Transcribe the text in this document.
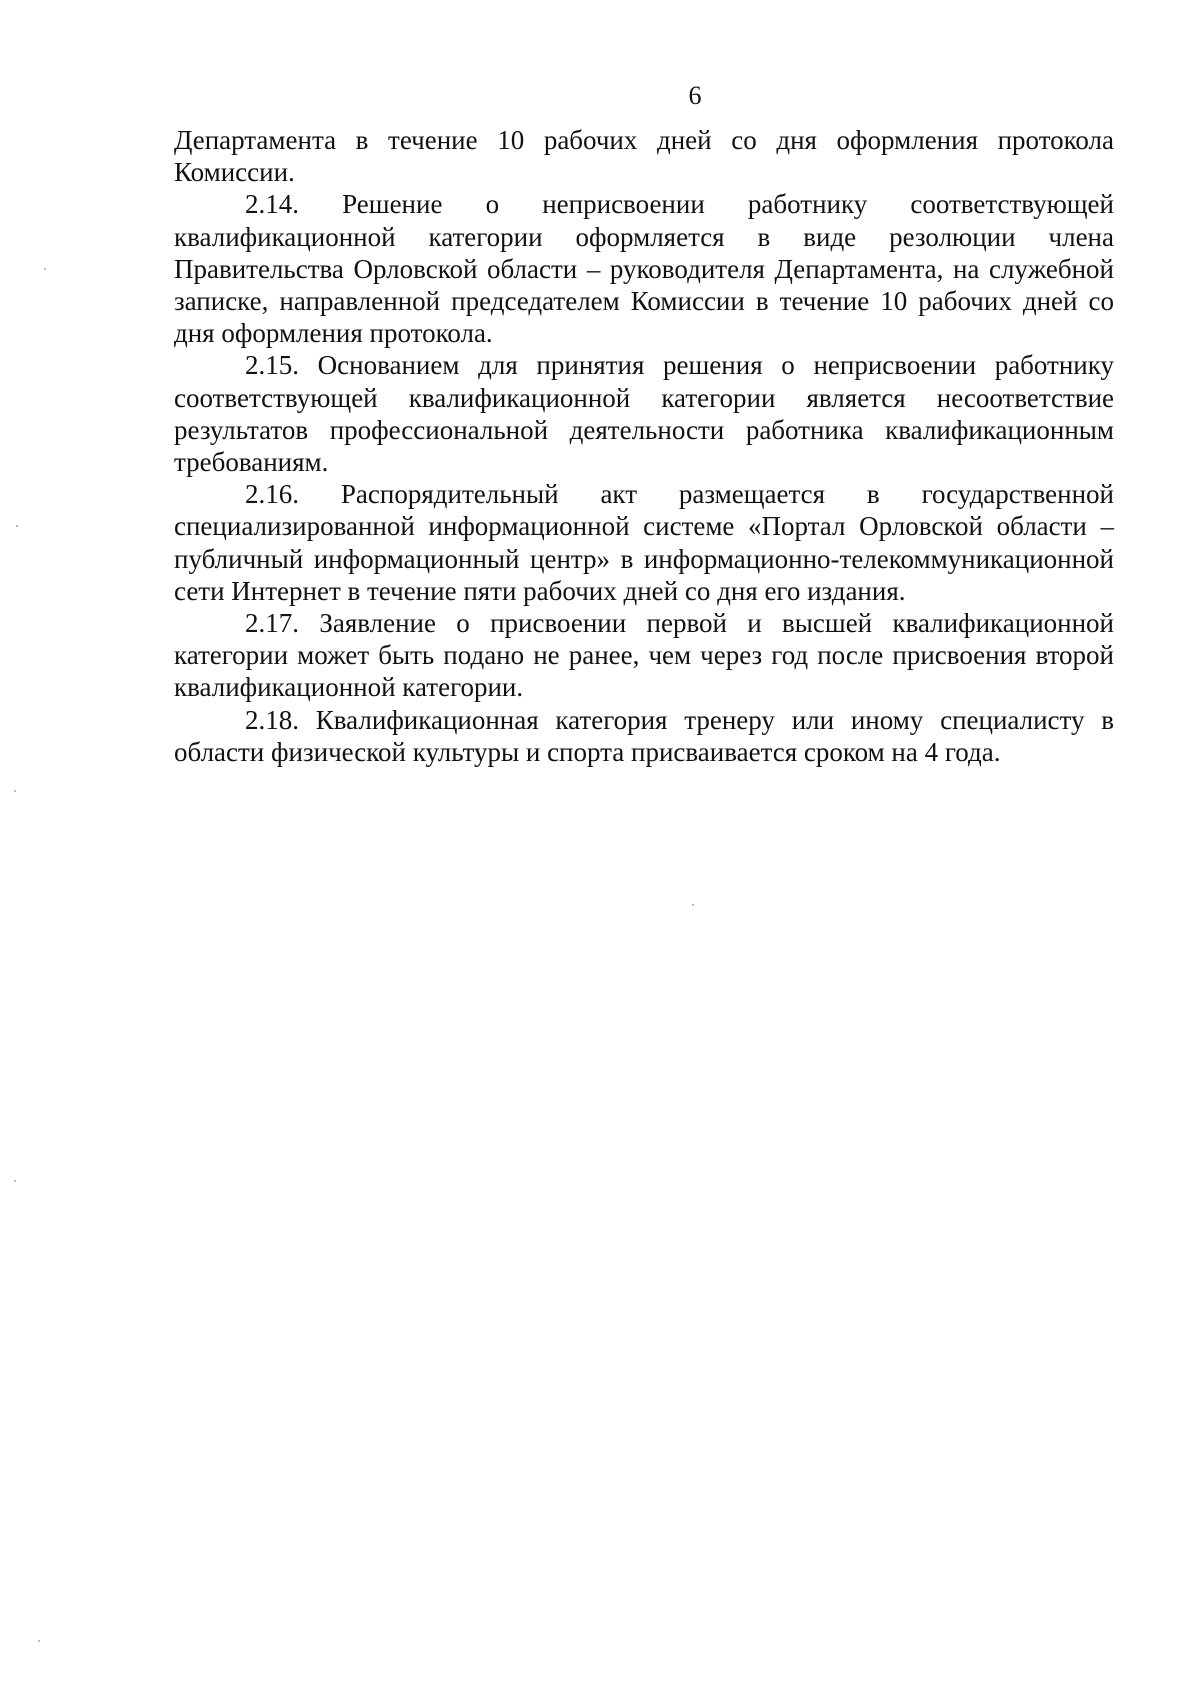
6

Департамента в течение 10 рабочих дней со дня оформления протокола Комиссии.

2.14. Решение о неприсвоении работнику соответствующей квалификационной категории оформляется в виде резолюции члена Правительства Орловской области – руководителя Департамента, на служебной записке, направленной председателем Комиссии в течение 10 рабочих дней со дня оформления протокола.

2.15. Основанием для принятия решения о неприсвоении работнику соответствующей квалификационной категории является несоответствие результатов профессиональной деятельности работника квалификационным требованиям.

2.16. Распорядительный акт размещается в государственной специализированной информационной системе «Портал Орловской области – публичный информационный центр» в информационно-телекоммуникационной сети Интернет в течение пяти рабочих дней со дня его издания.

2.17. Заявление о присвоении первой и высшей квалификационной категории может быть подано не ранее, чем через год после присвоения второй квалификационной категории.

2.18. Квалификационная категория тренеру или иному специалисту в области физической культуры и спорта присваивается сроком на 4 года.
